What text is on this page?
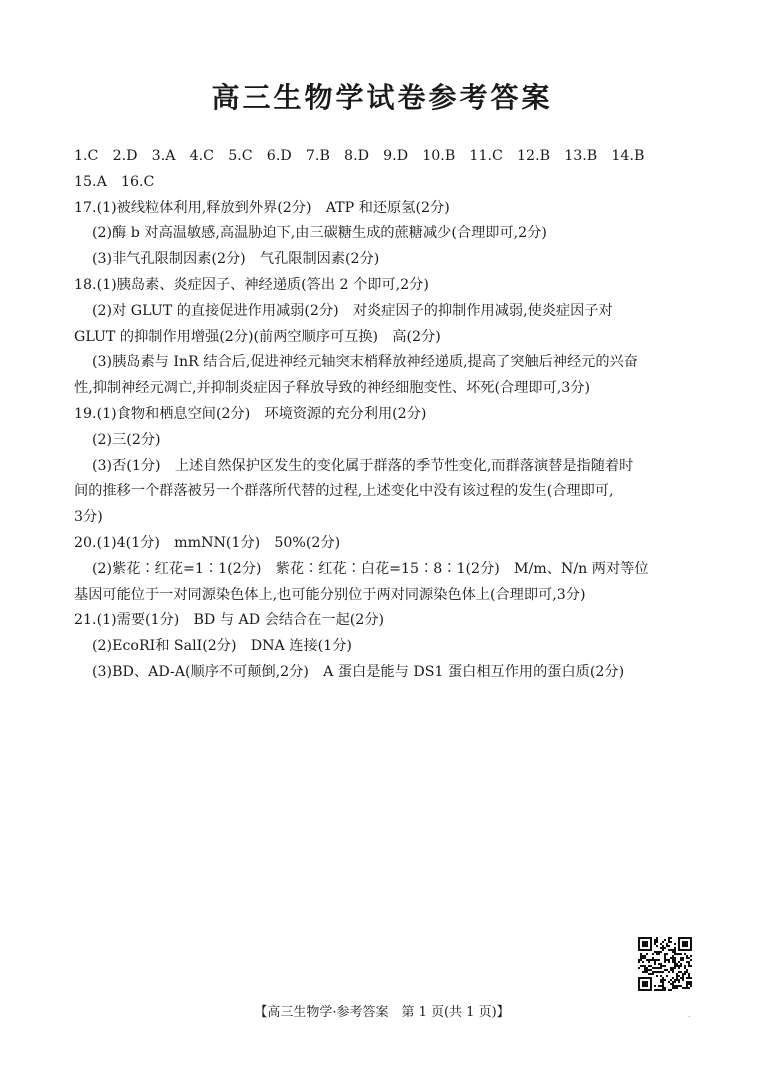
高三生物学试卷参考答案
1.C　2.D　3.A　4.C　5.C　6.D　7.B　8.D　9.D　10.B　11.C　12.B　13.B　14.B
15.A　16.C
17.(1)被线粒体利用,释放到外界(2分)　ATP 和还原氢(2分)
(2)酶 b 对高温敏感,高温胁迫下,由三碳糖生成的蔗糖减少(合理即可,2分)
(3)非气孔限制因素(2分)　气孔限制因素(2分)
18.(1)胰岛素、炎症因子、神经递质(答出 2 个即可,2分)
(2)对 GLUT 的直接促进作用减弱(2分)　对炎症因子的抑制作用减弱,使炎症因子对
GLUT 的抑制作用增强(2分)(前两空顺序可互换)　高(2分)
(3)胰岛素与 InR 结合后,促进神经元轴突末梢释放神经递质,提高了突触后神经元的兴奋
性,抑制神经元凋亡,并抑制炎症因子释放导致的神经细胞变性、坏死(合理即可,3分)
19.(1)食物和栖息空间(2分)　环境资源的充分利用(2分)
(2)三(2分)
(3)否(1分)　上述自然保护区发生的变化属于群落的季节性变化,而群落演替是指随着时
间的推移一个群落被另一个群落所代替的过程,上述变化中没有该过程的发生(合理即可,
3分)
20.(1)4(1分)　mmNN(1分)　50%(2分)
(2)紫花∶红花=1∶1(2分)　紫花∶红花∶白花=15∶8∶1(2分)　M/m、N/n 两对等位
基因可能位于一对同源染色体上,也可能分别位于两对同源染色体上(合理即可,3分)
21.(1)需要(1分)　BD 与 AD 会结合在一起(2分)
(2)EcoRⅠ和 SalⅠ(2分)　DNA 连接(1分)
(3)BD、AD-A(顺序不可颠倒,2分)　A 蛋白是能与 DS1 蛋白相互作用的蛋白质(2分)
【高三生物学·参考答案　第 1 页(共 1 页)】	.
